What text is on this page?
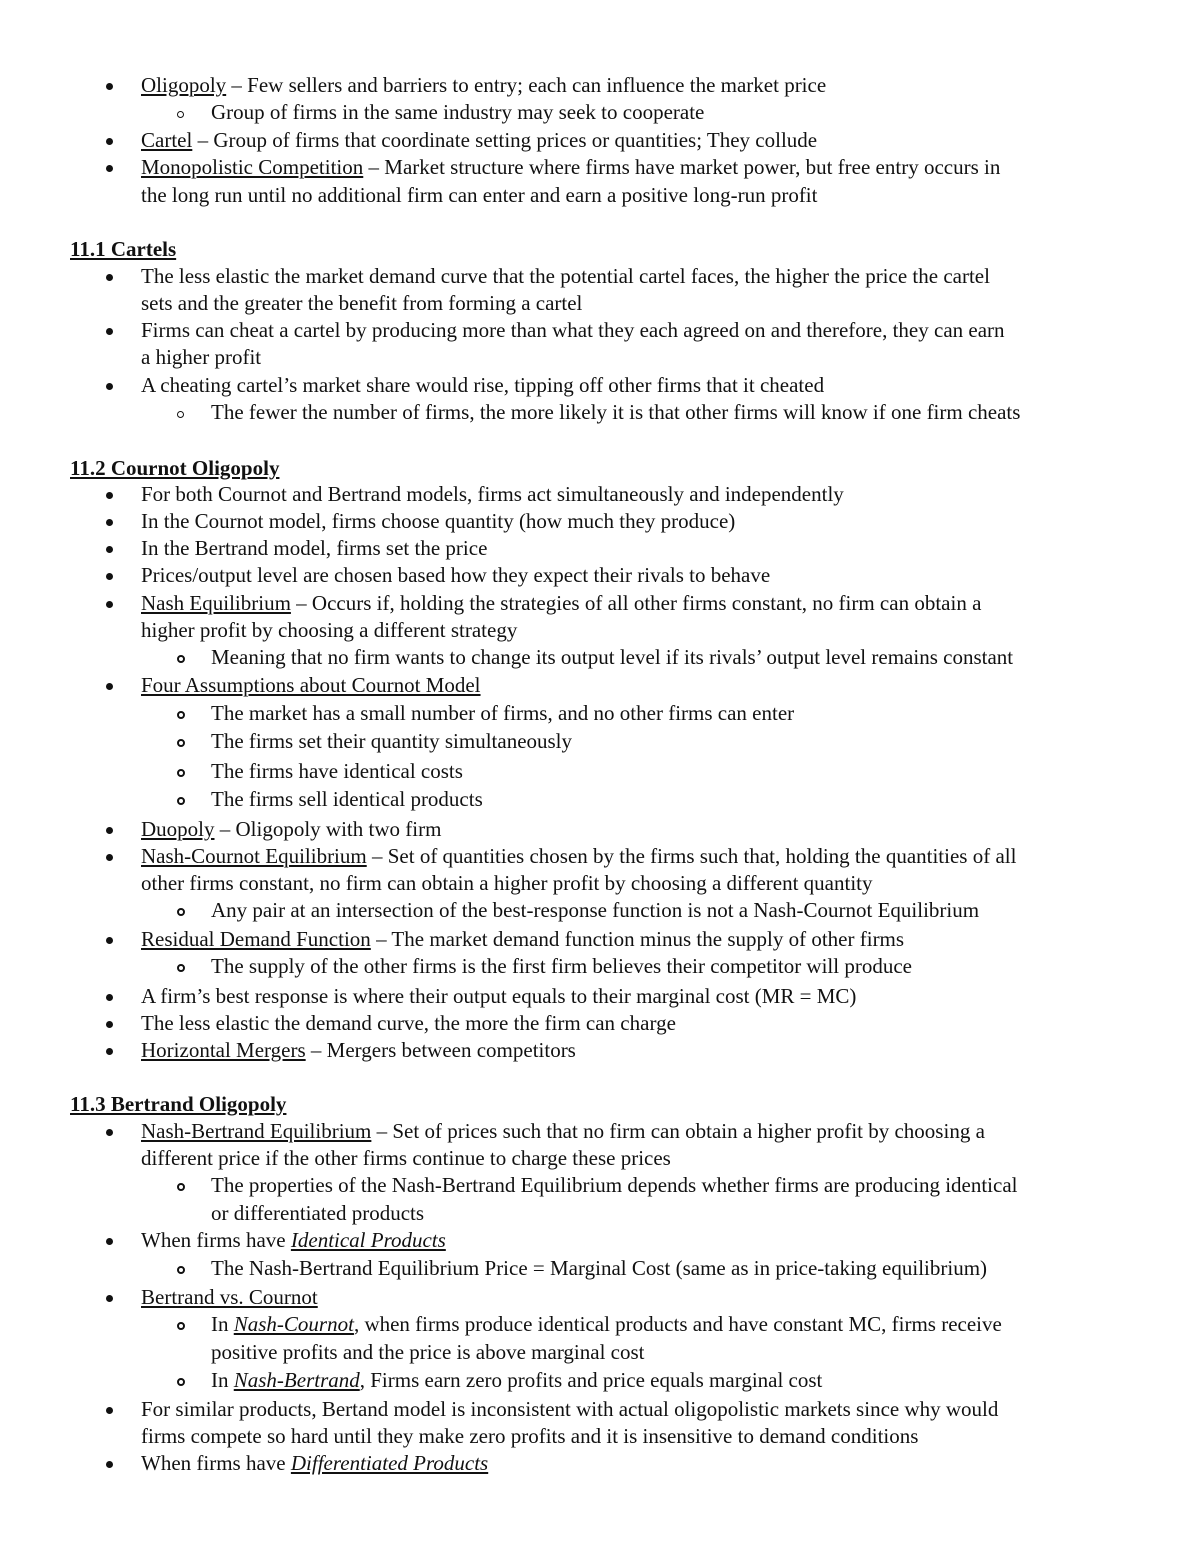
Oligopoly – Few sellers and barriers to entry; each can influence the market price
Group of firms in the same industry may seek to cooperate
Cartel – Group of firms that coordinate setting prices or quantities; They collude
Monopolistic Competition – Market structure where firms have market power, but free entry occurs in
the long run until no additional firm can enter and earn a positive long-run profit
11.1 Cartels
The less elastic the market demand curve that the potential cartel faces, the higher the price the cartel
sets and the greater the benefit from forming a cartel
Firms can cheat a cartel by producing more than what they each agreed on and therefore, they can earn
a higher profit
A cheating cartel’s market share would rise, tipping off other firms that it cheated
The fewer the number of firms, the more likely it is that other firms will know if one firm cheats
11.2 Cournot Oligopoly
For both Cournot and Bertrand models, firms act simultaneously and independently
In the Cournot model, firms choose quantity (how much they produce)
In the Bertrand model, firms set the price
Prices/output level are chosen based how they expect their rivals to behave
Nash Equilibrium – Occurs if, holding the strategies of all other firms constant, no firm can obtain a
higher profit by choosing a different strategy
Meaning that no firm wants to change its output level if its rivals’ output level remains constant
Four Assumptions about Cournot Model
The market has a small number of firms, and no other firms can enter
The firms set their quantity simultaneously
The firms have identical costs
The firms sell identical products
Duopoly – Oligopoly with two firm
Nash-Cournot Equilibrium – Set of quantities chosen by the firms such that, holding the quantities of all
other firms constant, no firm can obtain a higher profit by choosing a different quantity
Any pair at an intersection of the best-response function is not a Nash-Cournot Equilibrium
Residual Demand Function – The market demand function minus the supply of other firms
The supply of the other firms is the first firm believes their competitor will produce
A firm’s best response is where their output equals to their marginal cost (MR = MC)
The less elastic the demand curve, the more the firm can charge
Horizontal Mergers – Mergers between competitors
11.3 Bertrand Oligopoly
Nash-Bertrand Equilibrium – Set of prices such that no firm can obtain a higher profit by choosing a
different price if the other firms continue to charge these prices
The properties of the Nash-Bertrand Equilibrium depends whether firms are producing identical
or differentiated products
When firms have Identical Products
The Nash-Bertrand Equilibrium Price = Marginal Cost (same as in price-taking equilibrium)
Bertrand vs. Cournot
In Nash-Cournot, when firms produce identical products and have constant MC, firms receive
positive profits and the price is above marginal cost
In Nash-Bertrand, Firms earn zero profits and price equals marginal cost
For similar products, Bertand model is inconsistent with actual oligopolistic markets since why would
firms compete so hard until they make zero profits and it is insensitive to demand conditions
When firms have Differentiated Products
